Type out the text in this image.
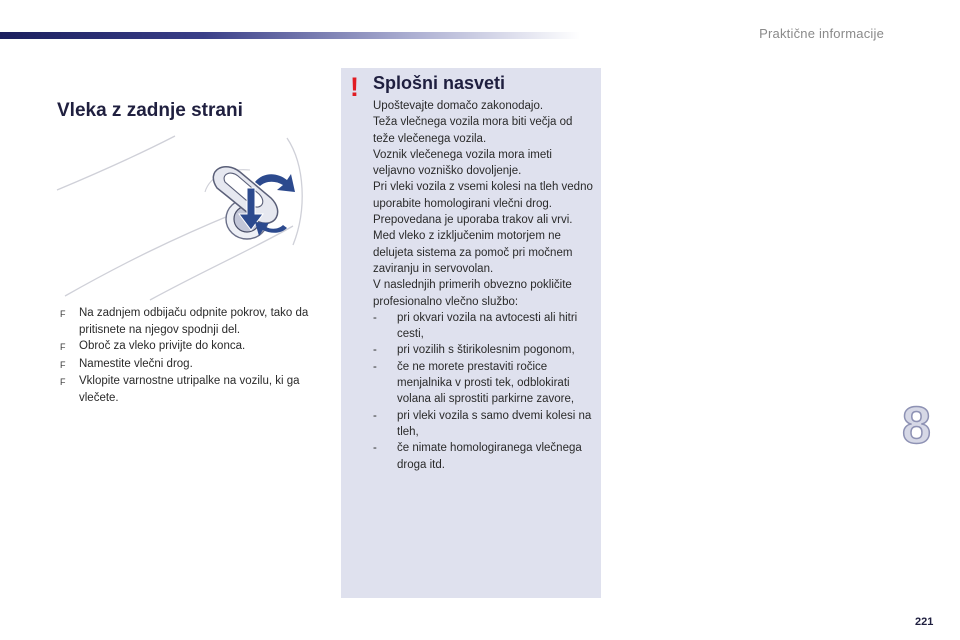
Praktične informacije
Vleka z zadnje strani
F	Na zadnjem odbijaču odpnite pokrov, tako da pritisnete na njegov spodnji del.
F	Obroč za vleko privijte do konca.
F	Namestite vlečni drog.
F	Vklopite varnostne utripalke na vozilu, ki ga vlečete.
! Splošni nasveti

Upoštevajte domačo zakonodajo.

Teža vlečnega vozila mora biti večja od teže vlečenega vozila.

Voznik vlečenega vozila mora imeti veljavno vozniško dovoljenje.

Pri vleki vozila z vsemi kolesi na tleh vedno uporabite homologirani vlečni drog. Prepovedana je uporaba trakov ali vrvi.

Med vleko z izključenim motorjem ne delujeta sistema za pomoč pri močnem zaviranju in servovolan.

V naslednjih primerih obvezno pokličite profesionalno vlečno službo:

-	pri okvari vozila na avtocesti ali hitri cesti,
-	pri vozilih s štirikolesnim pogonom,
-	če ne morete prestaviti ročice menjalnika v prosti tek, odblokirati volana ali sprostiti parkirne zavore,
-	pri vleki vozila s samo dvemi kolesi na tleh,
-	če nimate homologiranega vlečnega droga itd.
8
221
